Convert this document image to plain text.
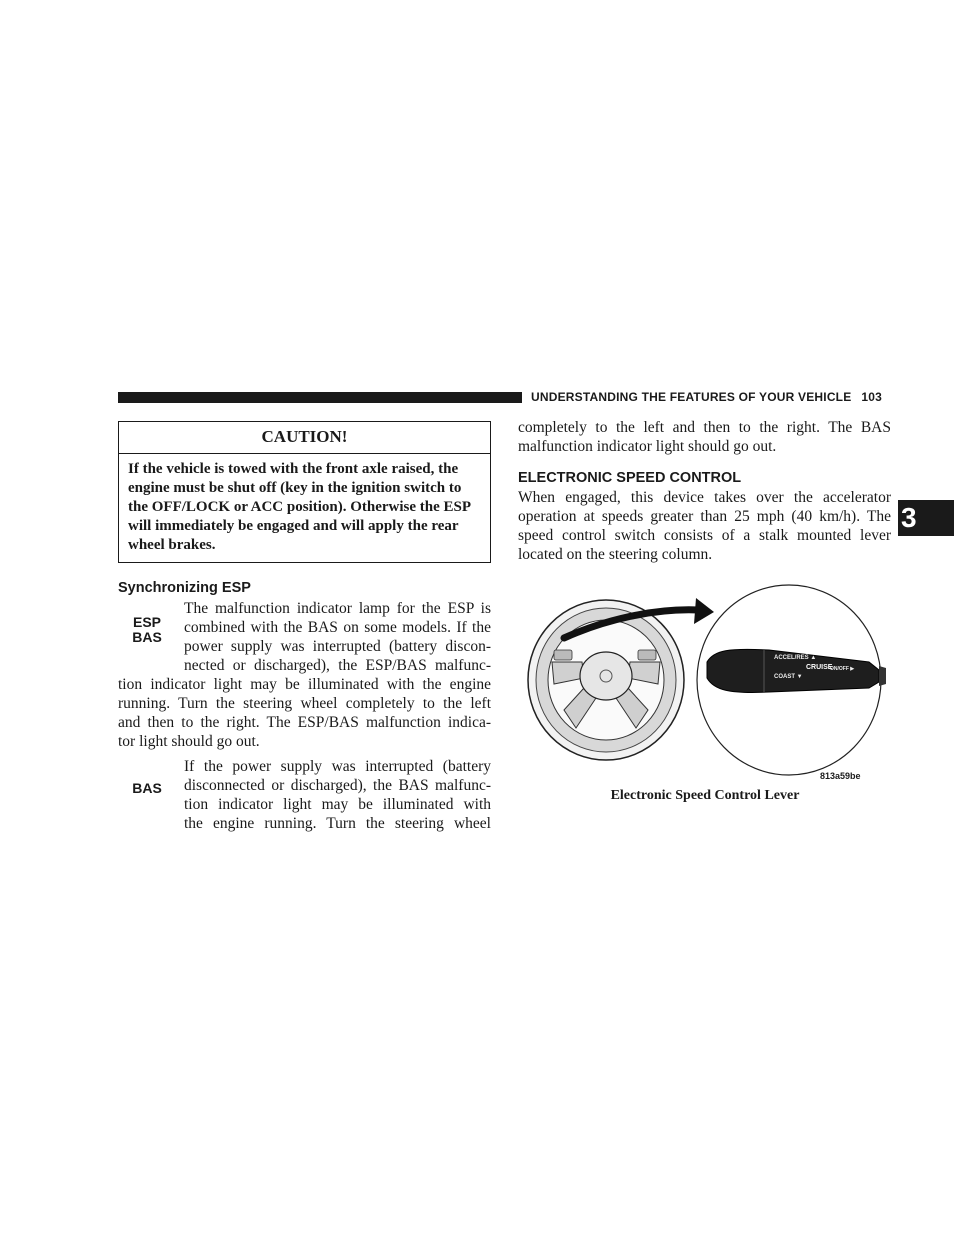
UNDERSTANDING THE FEATURES OF YOUR VEHICLE 103
3
CAUTION!
If the vehicle is towed with the front axle raised, the
engine must be shut off (key in the ignition switch to
the OFF/LOCK or ACC position). Otherwise the ESP
will immediately be engaged and will apply the rear
wheel brakes.
Synchronizing ESP
ESP
BAS
The malfunction indicator lamp for the ESP is
combined with the BAS on some models. If the
power supply was interrupted (battery discon-
nected or discharged), the ESP/BAS malfunc-
tion indicator light may be illuminated with the engine
running. Turn the steering wheel completely to the left
and then to the right. The ESP/BAS malfunction indica-
tor light should go out.
BAS
If the power supply was interrupted (battery
disconnected or discharged), the BAS malfunc-
tion indicator light may be illuminated with
the engine running. Turn the steering wheel
completely to the left and then to the right. The BAS
malfunction indicator light should go out.
ELECTRONIC SPEED CONTROL
When engaged, this device takes over the accelerator
operation at speeds greater than 25 mph (40 km/h). The
speed control switch consists of a stalk mounted lever
located on the steering column.
ACCEL/RES ▲
COAST ▼
CRUISE
ON/OFF ▶
813a59be
Electronic Speed Control Lever
